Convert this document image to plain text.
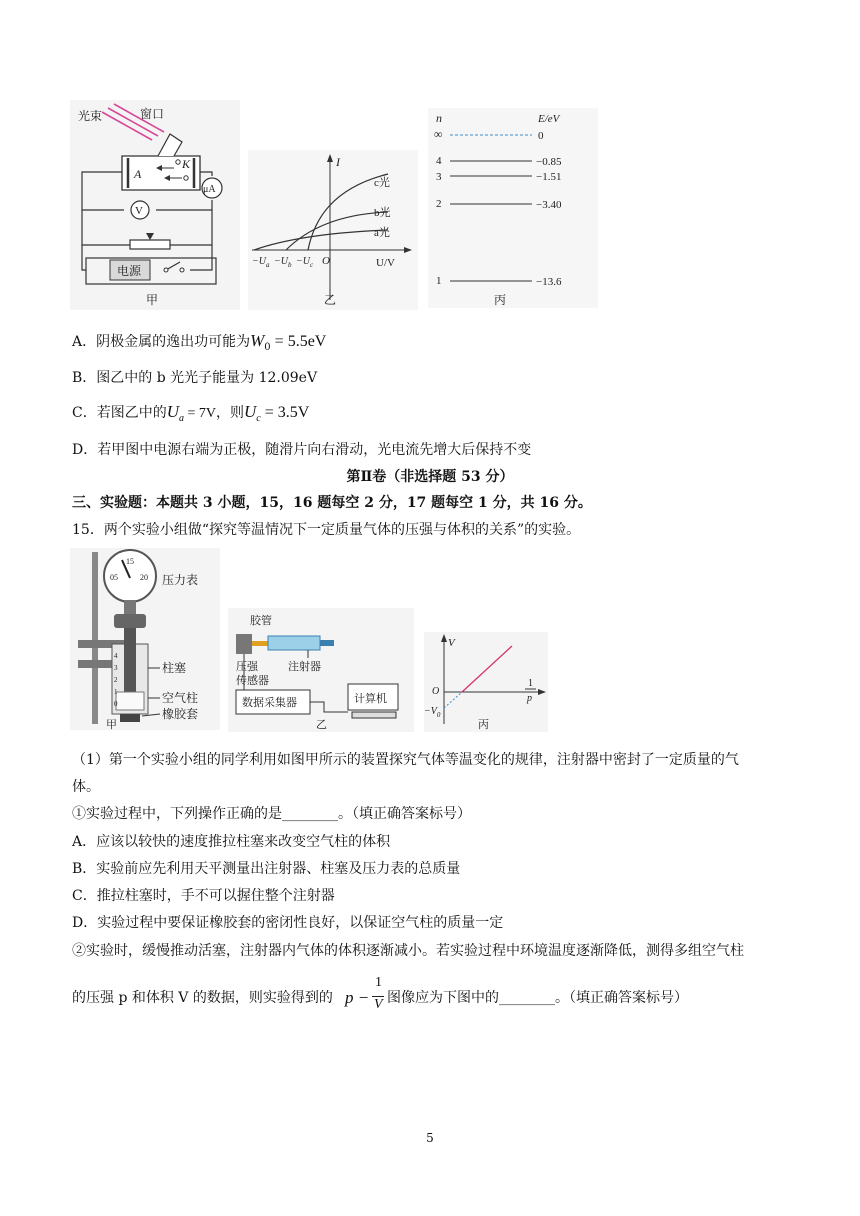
光束	窗口
A
K
μA
V
电源
甲
I
U/V
O
c光
b光
a光
$-U_a -U_b -U_c$
乙
n	E/eV
∞	0
4	−0.85
3	−1.51
2	−3.40
1	−13.6
丙
A．阴极金属的逸出功可能为$W_0 = 5.5eV$
B．图乙中的 b 光光子能量为 12.09eV
C．若图乙中的$U_a = 7V$，则$U_c = 3.5V$
D．若甲图中电源右端为正极，随滑片向右滑动，光电流先增大后保持不变
第Ⅱ卷（非选择题 53 分）
三、实验题：本题共 3 小题，15，16 题每空 2 分，17 题每空 1 分，共 16 分。
15．两个实验小组做“探究等温情况下一定质量气体的压强与体积的关系”的实验。
15
05	20 压力表
4
3
2
1
0
柱塞
空气柱
橡胶套
甲
胶管
注射器
压强
传感器
数据采集器	计算机
乙
V
O
$-V_0$
1
p
丙
（1）第一个实验小组的同学利用如图甲所示的装置探究气体等温变化的规律，注射器中密封了一定质量的气
体。
①实验过程中，下列操作正确的是________。（填正确答案标号）
A．应该以较快的速度推拉柱塞来改变空气柱的体积
B．实验前应先利用天平测量出注射器、柱塞及压力表的总质量
C．推拉柱塞时，手不可以握住整个注射器
D．实验过程中要保证橡胶套的密闭性良好，以保证空气柱的质量一定
②实验时，缓慢推动活塞，注射器内气体的体积逐渐减小。若实验过程中环境温度逐渐降低，测得多组空气柱
的压强 p 和体积 V 的数据，则实验得到的 p −
1
V 图像应为下图中的________。（填正确答案标号）
5
